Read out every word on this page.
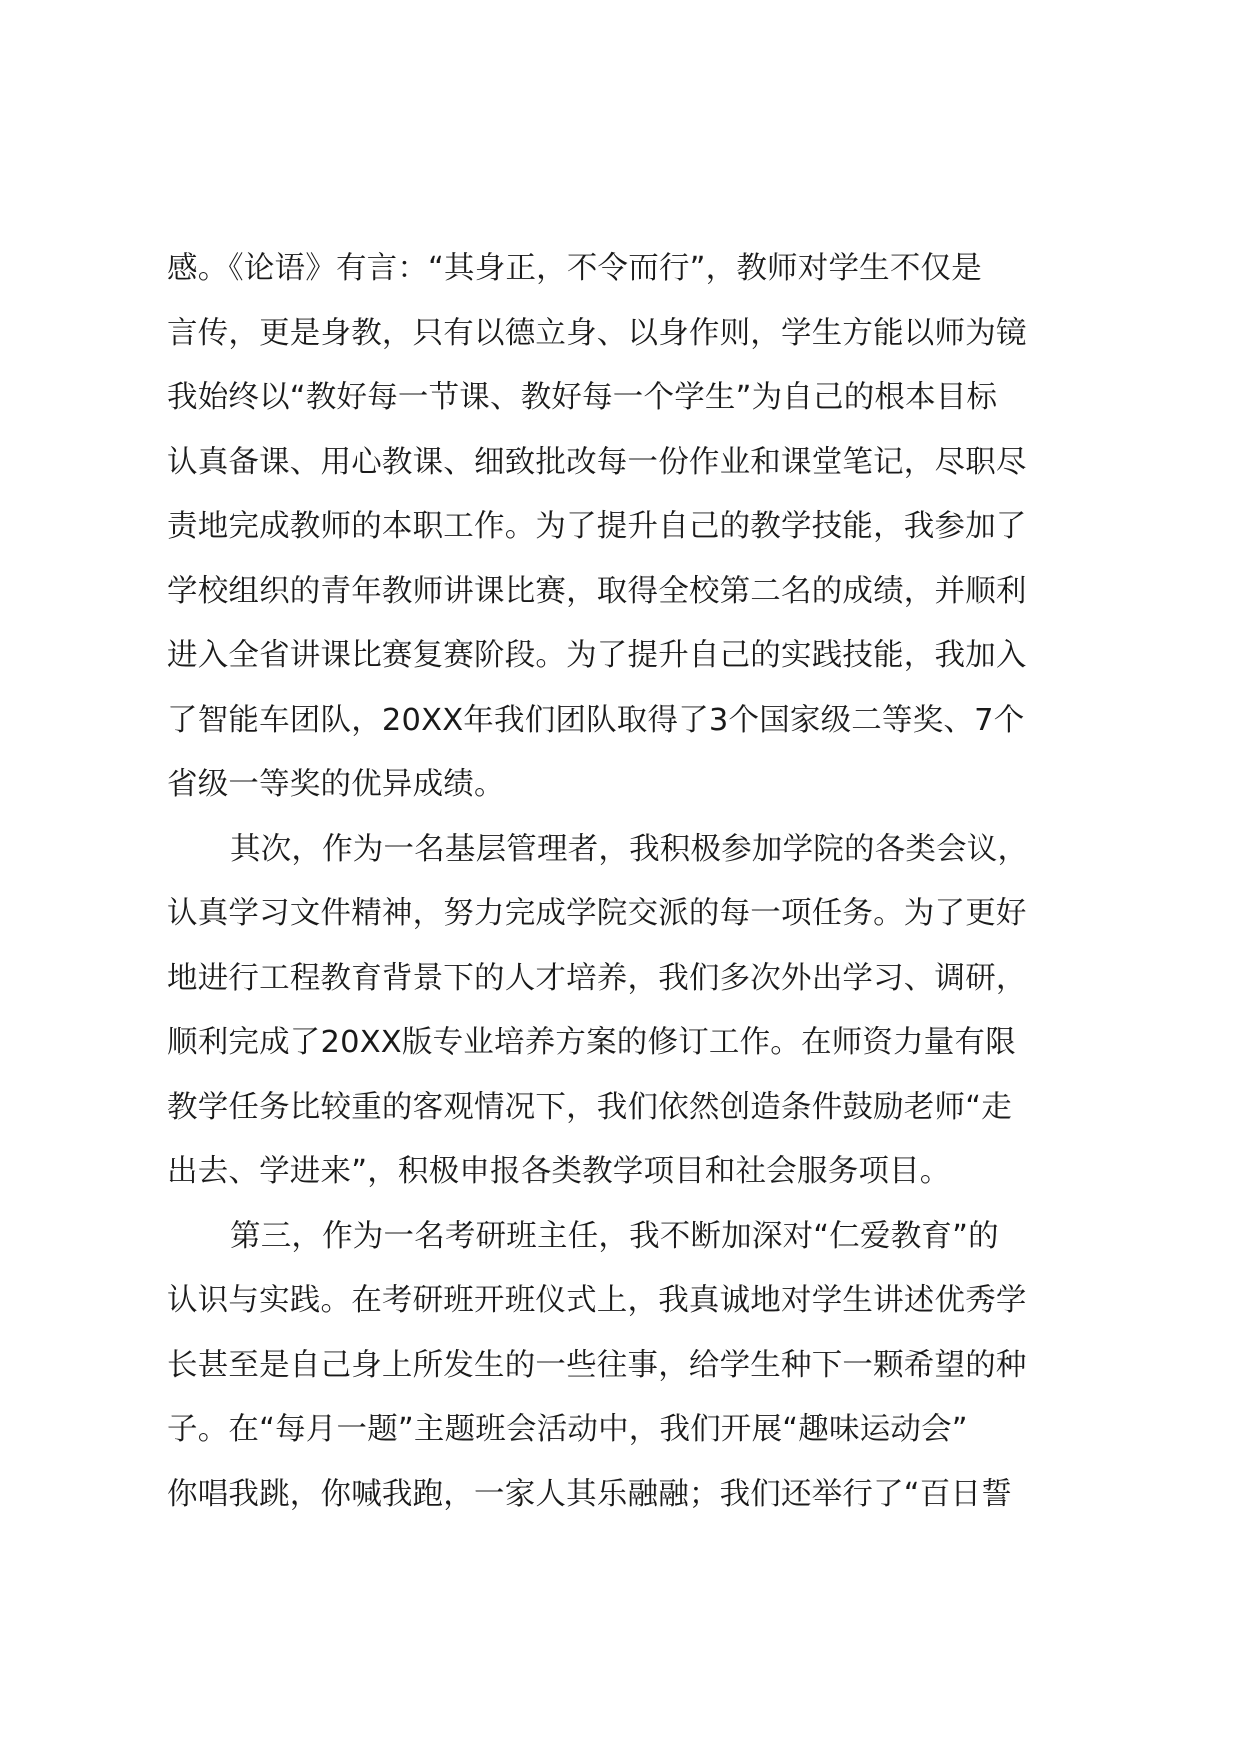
感。《论语》有言：“其身正，不令而行”，教师对学生不仅是
言传，更是身教，只有以德立身、以身作则，学生方能以师为镜
我始终以“教好每一节课、教好每一个学生”为自己的根本目标
认真备课、用心教课、细致批改每一份作业和课堂笔记，尽职尽
责地完成教师的本职工作。为了提升自己的教学技能，我参加了
学校组织的青年教师讲课比赛，取得全校第二名的成绩，并顺利
进入全省讲课比赛复赛阶段。为了提升自己的实践技能，我加入
了智能车团队，20XX年我们团队取得了3个国家级二等奖、7个
省级一等奖的优异成绩。
其次，作为一名基层管理者，我积极参加学院的各类会议，
认真学习文件精神，努力完成学院交派的每一项任务。为了更好
地进行工程教育背景下的人才培养，我们多次外出学习、调研，
顺利完成了20XX版专业培养方案的修订工作。在师资力量有限
教学任务比较重的客观情况下，我们依然创造条件鼓励老师“走
出去、学进来”，积极申报各类教学项目和社会服务项目。
第三，作为一名考研班主任，我不断加深对“仁爱教育”的
认识与实践。在考研班开班仪式上，我真诚地对学生讲述优秀学
长甚至是自己身上所发生的一些往事，给学生种下一颗希望的种
子。在“每月一题”主题班会活动中，我们开展“趣味运动会”
你唱我跳，你喊我跑，一家人其乐融融；我们还举行了“百日誓
